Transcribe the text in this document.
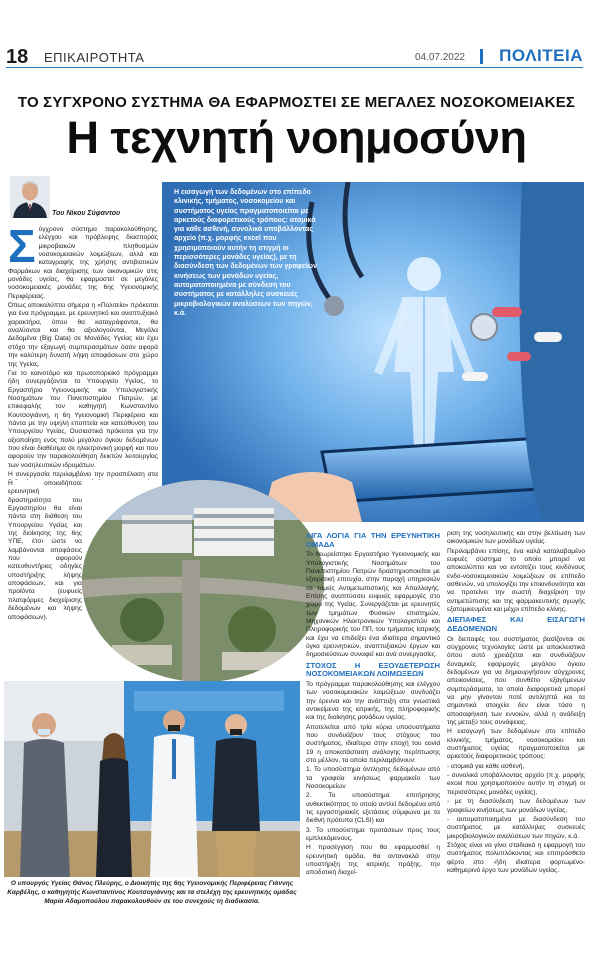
18 ΕΠΙΚΑΙΡΟΤΗΤΑ	04.07.2022 ΠΟΛΙΤΕΙΑ
ΤΟ ΣΥΓΧΡΟΝΟ ΣΥΣΤΗΜΑ ΘΑ ΕΦΑΡΜΟΣΤΕΙ ΣΕ ΜΕΓΑΛΕΣ ΝΟΣΟΚΟΜΕΙΑΚΕΣ
Η τεχνητή νοημοσύνη
Του Νίκου Σύφαντου

Σύγχρονο σύστημα παρακολούθησης, ελέγχου και πρόβλεψης διασποράς μικροβιακών πληθυσμών νοσοκομειακών λοιμώξεων, αλλά και καταγραφής της χρήσης αντιβιοτικών Φαρμάκων και διαχείρισης των οικονομικών στις μονάδες υγείας, θα εφαρμοστεί σε μεγάλες νοσοκομειακές μονάδες της 6ης Υγειονομικής Περιφέρειας.

Όπως αποκαλύπτει σήμερα η «Πολιτεία» πρόκειται για ένα πρόγραμμα, με ερευνητικό και αναπτυξιακό χαρακτήρα, όπου θα καταγράφονται, θα αναλύονται και θα αξιολογούνται, Μεγάλα Δεδομένα (Big Data) σε Μονάδες Υγείας και έχει στόχο την εξαγωγή συμπερασμάτων όσον αφορά την καλύτερη δυνατή λήψη αποφάσεων στο χώρο της Υγείας.

Για το καινοτόμο και πρωτοποριακό πρόγραμμα ήδη συνεργάζονται το Υπουργείο Υγείας, το Εργαστήριο Υγειονομικής και Υπολογιστικής Νοσημάτων του Πανεπιστημίου Πατρών, με επικεφαλής τον καθηγητή Κωνσταντίνο Κουτσογιάννη, η 6η Υγειονομική Περιφέρεια και πάντα με την υψηλή εποπτεία και κατεύθυνση του Υπουργείου Υγείας. Ουσιαστικά πρόκειται για την αξιοποίηση ενός πολύ μεγάλου όγκου δεδομένων που είναι διαθέσιμα σε ηλεκτρονική μορφή και που αφορούν την παρακολούθηση δεικτών λειτουργίας των νοσηλευτικών ιδρυμάτων.

Η συνεργασία περιλαμβάνει την προσπέλαση στα

Η οποιαδήποτε ερευνητική δραστηριότητα του Εργαστηρίου θα είναι πάντα στη διάθεση του Υπουργείου Υγείας και της διοίκησης της 6ης ΥΠΕ, έτσι ώστε να λαμβάνονται αποφάσεις που αφορούν κατευθυντήριες οδηγίες υποστήριξης λήψης αποφάσεων, και για προϊόντα (ευφυείς πλατφόρμες διαχείρισης δεδομένων και λήψης αποφάσεων).

Η εισαγωγή των δεδομένων στο επίπεδο κλινικής, τμήματος, νοσοκομείου και συστήματος υγείας πραγματοποιείται με αρκετούς διαφορετικούς τρόπους: ατομικά για κάθε ασθενή, συνολικά υποβάλλοντας αρχείο (π.χ. μορφής excel που χρησιμοποιούν αυτήν τη στιγμή οι περισσότερες μονάδες υγείας), με τη διασύνδεση των δεδομένων των γραφείων κινήσεως των μονάδων υγείας, αυτοματοποιημένα με σύνδεση του συστήματος με κατάλληλες συσκευές μικροβιολογικών αναλύσεων των πηγών, κ.ά.
ΛΙΓΑ ΛΟΓΙΑ ΓΙΑ ΤΗΝ ΕΡΕΥΝΗΤΙΚΗ ΟΜΑΔΑ

Το θεωρείστηκε Εργαστήριο Υγειονομικής και Υπολογιστικής Νοσημάτων του Πανεπιστημίου Πατρών δραστηριοποιείται με εξαιρετική επιτυχία, στην παροχή υπηρεσιών σε τομείς Αντιμετωπιστικής και Απαλλαγής. Επίσης αναπτύσσει ευφυείς εφαρμογές στο χώρο της Υγείας. Συνεργάζεται με ερευνητές των τμημάτων Φυσικών επιστημών, Μηχανικών Ηλεκτρονικών Υπολογιστών και Πληροφορικής του ΠΠ, του τμήματος Ιατρικής και έχει να επιδείξει ένα ιδιαίτερα σημαντικό όγκο ερευνητικών, αναπτυξιακών έργων και δημοσιεύσεων συναφεί και ανά συνεργασίες.

ΣΤΟΧΟΣ Η ΕΞΟΥΔΕΤΕΡΩΣΗ ΝΟΣΟΚΟΜΕΙΑΚΩΝ ΛΟΙΜΩΞΕΩΝ

Το πρόγραμμα παρακολούθησης και ελέγχου των νοσοκομειακών λοιμώξεων συνδυάζει την έρευνα και την ανάπτυξη στα γνωστικά αντικείμενα της ιατρικής, της πληροφορικής και της διοίκησης μονάδων υγείας.

Αποτελείται από τρία κύρια υποσυστήματα που συνδυάζουν τους στόχους του συστήματος, ιδιαίτερα στην εποχή του covid 19 η αποκατάσταση ανάλογης περίπτωσης στο μέλλον, τα οποία περιλαμβάνουν:

1. Το υποσύστημα άντλησης δεδομένων από τα γραφεία κινήσεως φαρμακείο των Νοσοκομείων

2. Το υποσύστημα επιτήρησης ανθεκτικότητας το οποίο αντλεί δεδομένα από τις εργαστηριακές εξετάσεις σύμφωνα με τα διεθνή πρότυπα (CLSI) και

3. Το υποσύστημα προτάσεων προς τους εμπλεκόμενους.

Η προσέγγιση που θα εφαρμοσθεί η ερευνητική ομάδα, θα αντανακλά στην υποστήριξη της ιατρικής πράξης, την αποδοτική διαχεί-

ριση της νοσηλευτικής και στην βελτίωση των οικονομικών των μονάδων υγείας.

Περιλαμβάνει επίσης, ένα καλά καταλαβαμένο ευφυές σύστημα το οποίο μπορεί να αποκαλύπτει και να εντοπίζει τους κινδύνους ενδο-νοσοκομειακών λοιμώξεων σε επίπεδο ασθενών, να υπολογίζει την επικινδυνότητα και να προτείνει την σωστή διαχείριση την αντιμετώπισης και της φαρμακευτικής αγωγής εξατομικευμένα και μέχρι επίπεδο κλίνης.

ΔΙΕΠΑΦΕΣ ΚΑΙ ΕΙΣΑΓΩΓΗ ΔΕΔΟΜΕΝΩΝ

Οι διεπαφές του συστήματος βασίζονται σε σύγχρονες τεχνολογίες ώστε με αποκλειστικά όπου αυτό χρειάζεται και συνδυάζουν δυναμικές εφαρμογές μεγάλου όγκου δεδομένων για να δημιουργήσουν σύγχρονες απεικονίσεις, που συνθέτει εξαγόμενων συμπεράσματα, τα οποία διαφορετικά μπορεί να μην γίνονταν ποτέ αντιληπτά και τα σημαντικά στοιχεία δεν είναι τόσο η αποσαφήνιση των εννοιών, αλλά η ανάδειξη της μεταξύ τους συνάφειας.

Η εισαγωγή των δεδομένων στο επίπεδο κλινικής, τμήματος, νοσοκομείου και συστήματος υγείας πραγματοποιείται με αρκετούς διαφορετικούς τρόπους:

- ατομικά για κάθε ασθενή,

- συνολικά υποβάλλοντας αρχείο (π.χ. μορφής excel που χρησιμοποιούν αυτήν τη στιγμή οι περισσότερες μονάδες υγείας),

- με τη διασύνδεση των δεδομένων των γραφείων κινήσεως των μονάδων υγείας,

- αυτοματοποιημένα με διασύνδεση του συστήματος με κατάλληλες συσκευές μικροβιολογικών αναλύσεων των πηγών, κ.ά.

Στόχος είναι να γίνει σταδιακά η εφαρμογή του συστήματος πολυπλόκοντας και επιπρόσθετο φέρτο στο -ήδη ιδιαίτερα φορτωμένο- καθημερινό έργο των μονάδων υγείας.

Ο υπουργός Υγείας Θάνος Πλεύρης, ο Διοικητής της 6ης Υγειονομικής Περιφέρειας Γιάννης Καρβέλης, ο καθηγητής Κωνσταντίνος Κουτσογιάννης και τα στελέχη της ερευνητικής ομάδας Μαρία Αδαμοπούλου παρακολουθούν σε του συνεχούς τη διαδικασία.
